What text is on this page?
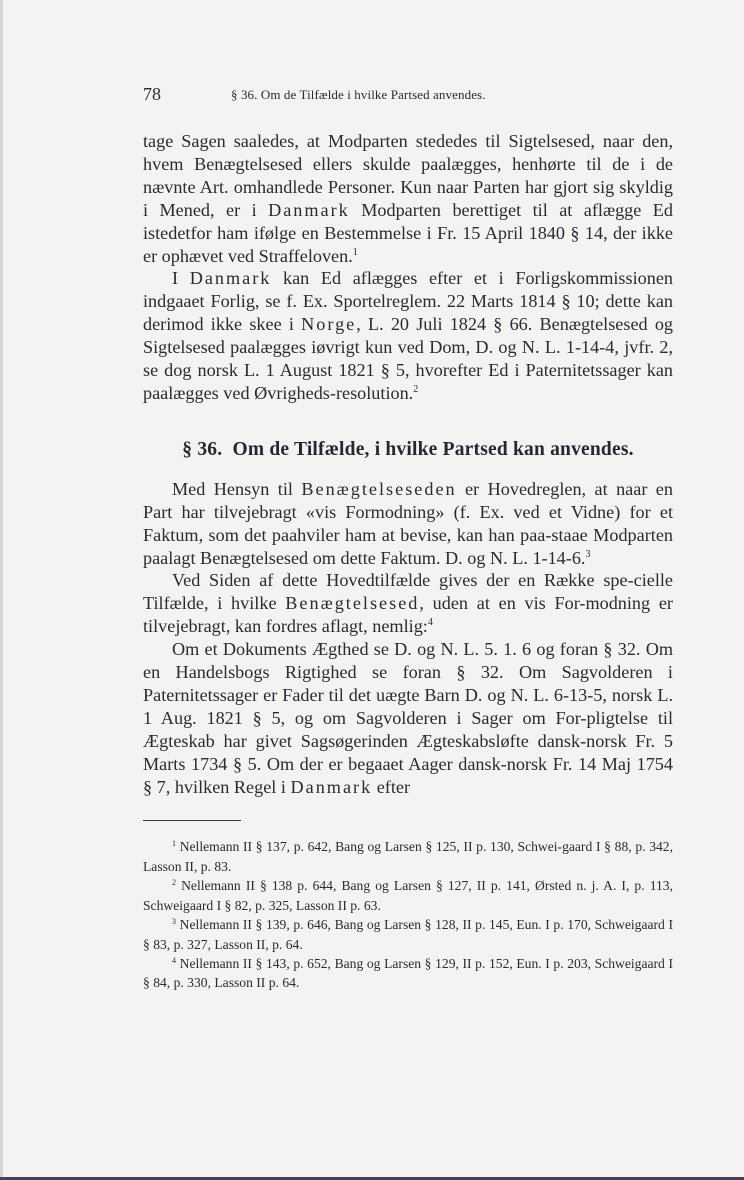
78	§ 36. Om de Tilfælde i hvilke Partsed anvendes.

tage Sagen saaledes, at Modparten stededes til Sigtelsesed, naar den, hvem Benægtelsesed ellers skulde paalægges, henhørte til de i de nævnte Art. omhandlede Personer. Kun naar Parten har gjort sig skyldig i Mened, er i Danmark Modparten berettiget til at aflægge Ed istedetfor ham ifølge en Bestemmelse i Fr. 15 April 1840 § 14, der ikke er ophævet ved Straffeloven.$^1$

I Danmark kan Ed aflægges efter et i Forligskommissionen indgaaet Forlig, se f. Ex. Sportelreglem. 22 Marts 1814 § 10; dette kan derimod ikke skee i Norge, L. 20 Juli 1824 § 66. Benægtelsesed og Sigtelsesed paalægges iøvrigt kun ved Dom, D. og N. L. 1-14-4, jvfr. 2, se dog norsk L. 1 August 1821 § 5, hvorefter Ed i Paternitetssager kan paalægges ved Øvrigheds-resolution.$^2$

§ 36. Om de Tilfælde, i hvilke Partsed kan anvendes.

Med Hensyn til Benægtelseseden er Hovedreglen, at naar en Part har tilvejebragt «vis Formodning» (f. Ex. ved et Vidne) for et Faktum, som det paahviler ham at bevise, kan han paa-staae Modparten paalagt Benægtelsesed om dette Faktum. D. og N. L. 1-14-6.$^3$

Ved Siden af dette Hovedtilfælde gives der en Række spe-cielle Tilfælde, i hvilke Benægtelsesed, uden at en vis For-modning er tilvejebragt, kan fordres aflagt, nemlig:$^4$

Om et Dokuments Ægthed se D. og N. L. 5. 1. 6 og foran § 32. Om en Handelsbogs Rigtighed se foran § 32. Om Sagvolderen i Paternitetssager er Fader til det uægte Barn D. og N. L. 6-13-5, norsk L. 1 Aug. 1821 § 5, og om Sagvolderen i Sager om For-pligtelse til Ægteskab har givet Sagsøgerinden Ægteskabsløfte dansk-norsk Fr. 5 Marts 1734 § 5. Om der er begaaet Aager dansk-norsk Fr. 14 Maj 1754 § 7, hvilken Regel i Danmark efter

$^1$ Nellemann II § 137, p. 642, Bang og Larsen § 125, II p. 130, Schwei-gaard I § 88, p. 342, Lasson II, p. 83.

$^2$ Nellemann II § 138 p. 644, Bang og Larsen § 127, II p. 141, Ørsted n. j. A. I, p. 113, Schweigaard I § 82, p. 325, Lasson II p. 63.

$^3$ Nellemann II § 139, p. 646, Bang og Larsen § 128, II p. 145, Eun. I p. 170, Schweigaard I § 83, p. 327, Lasson II, p. 64.

$^4$ Nellemann II § 143, p. 652, Bang og Larsen § 129, II p. 152, Eun. I p. 203, Schweigaard I § 84, p. 330, Lasson II p. 64.
